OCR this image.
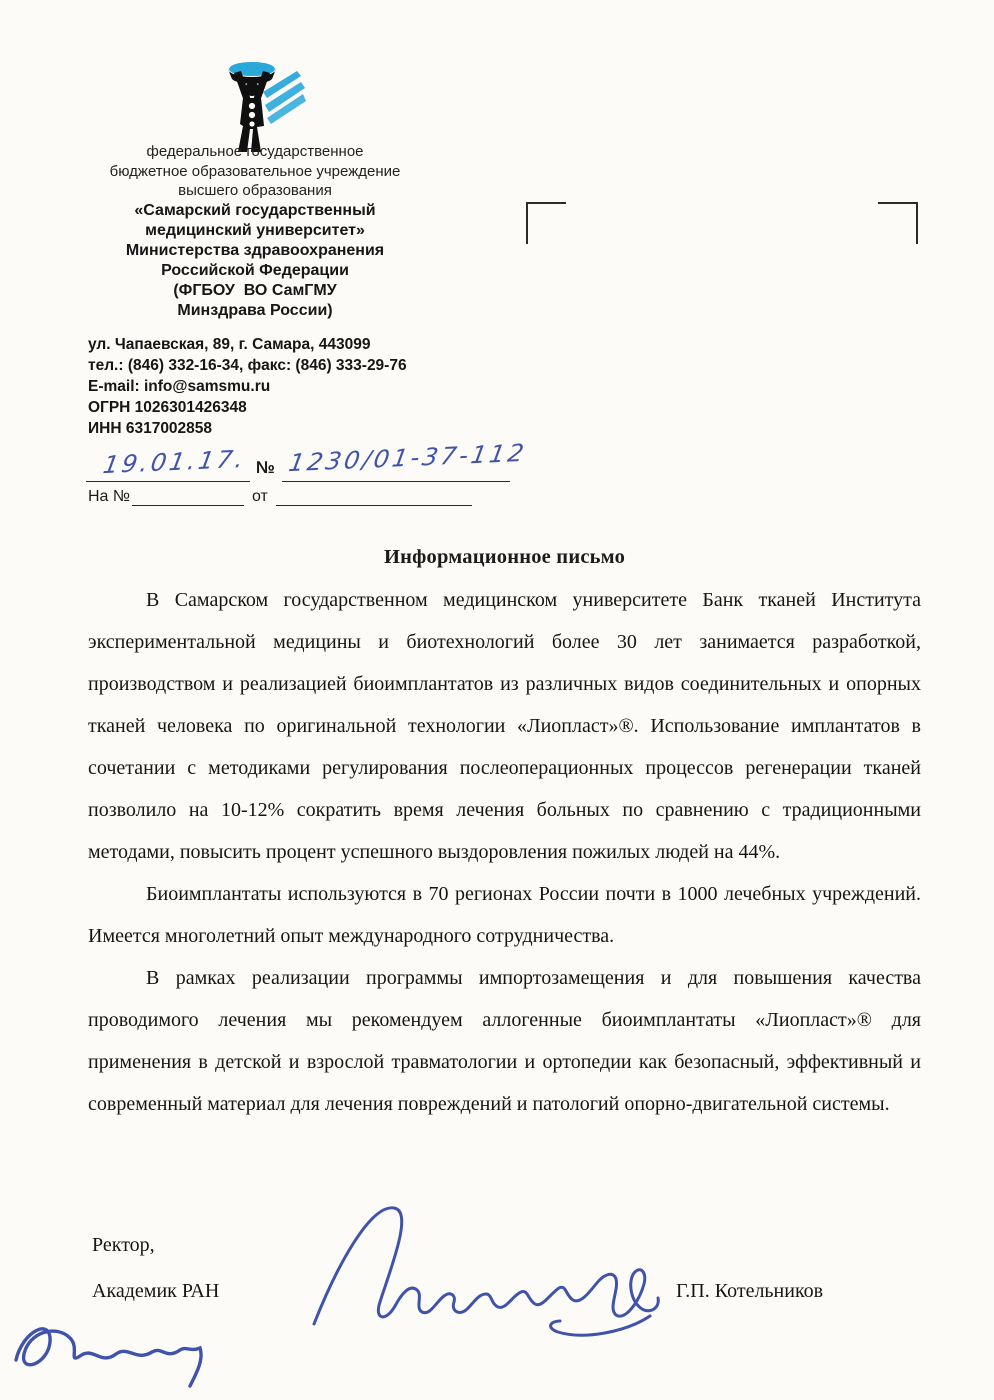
федеральное государственное
бюджетное образовательное учреждение
высшего образования
«Самарский государственный
медицинский университет»
Министерства здравоохранения
Российской Федерации
(ФГБОУ  ВО СамГМУ
Минздрава России)
ул. Чапаевская, 89, г. Самара, 443099
тел.: (846) 332-16-34, факс: (846) 333-29-76
E-mail: info@samsmu.ru
ОГРН 1026301426348
ИНН 6317002858
19.01.17. № 1230/01-37-112
На №	от
Информационное письмо

В Самарском государственном медицинском университете Банк тканей Института экспериментальной медицины и биотехнологий более 30 лет занимается разработкой, производством и реализацией биоимплантатов из различных видов соединительных и опорных тканей человека по оригинальной технологии «Лиопласт»®. Использование имплантатов в сочетании с методиками регулирования послеоперационных процессов регенерации тканей позволило на 10-12% сократить время лечения больных по сравнению с традиционными методами, повысить процент успешного выздоровления пожилых людей на 44%.

Биоимплантаты используются в 70 регионах России почти в 1000 лечебных учреждений. Имеется многолетний опыт международного сотрудничества.

В рамках реализации программы импортозамещения и для повышения качества проводимого лечения мы рекомендуем аллогенные биоимплантаты «Лиопласт»® для применения в детской и взрослой травматологии и ортопедии как безопасный, эффективный и современный материал для лечения повреждений и патологий опорно-двигательной системы.

Ректор,
Академик РАН	Г.П. Котельников
